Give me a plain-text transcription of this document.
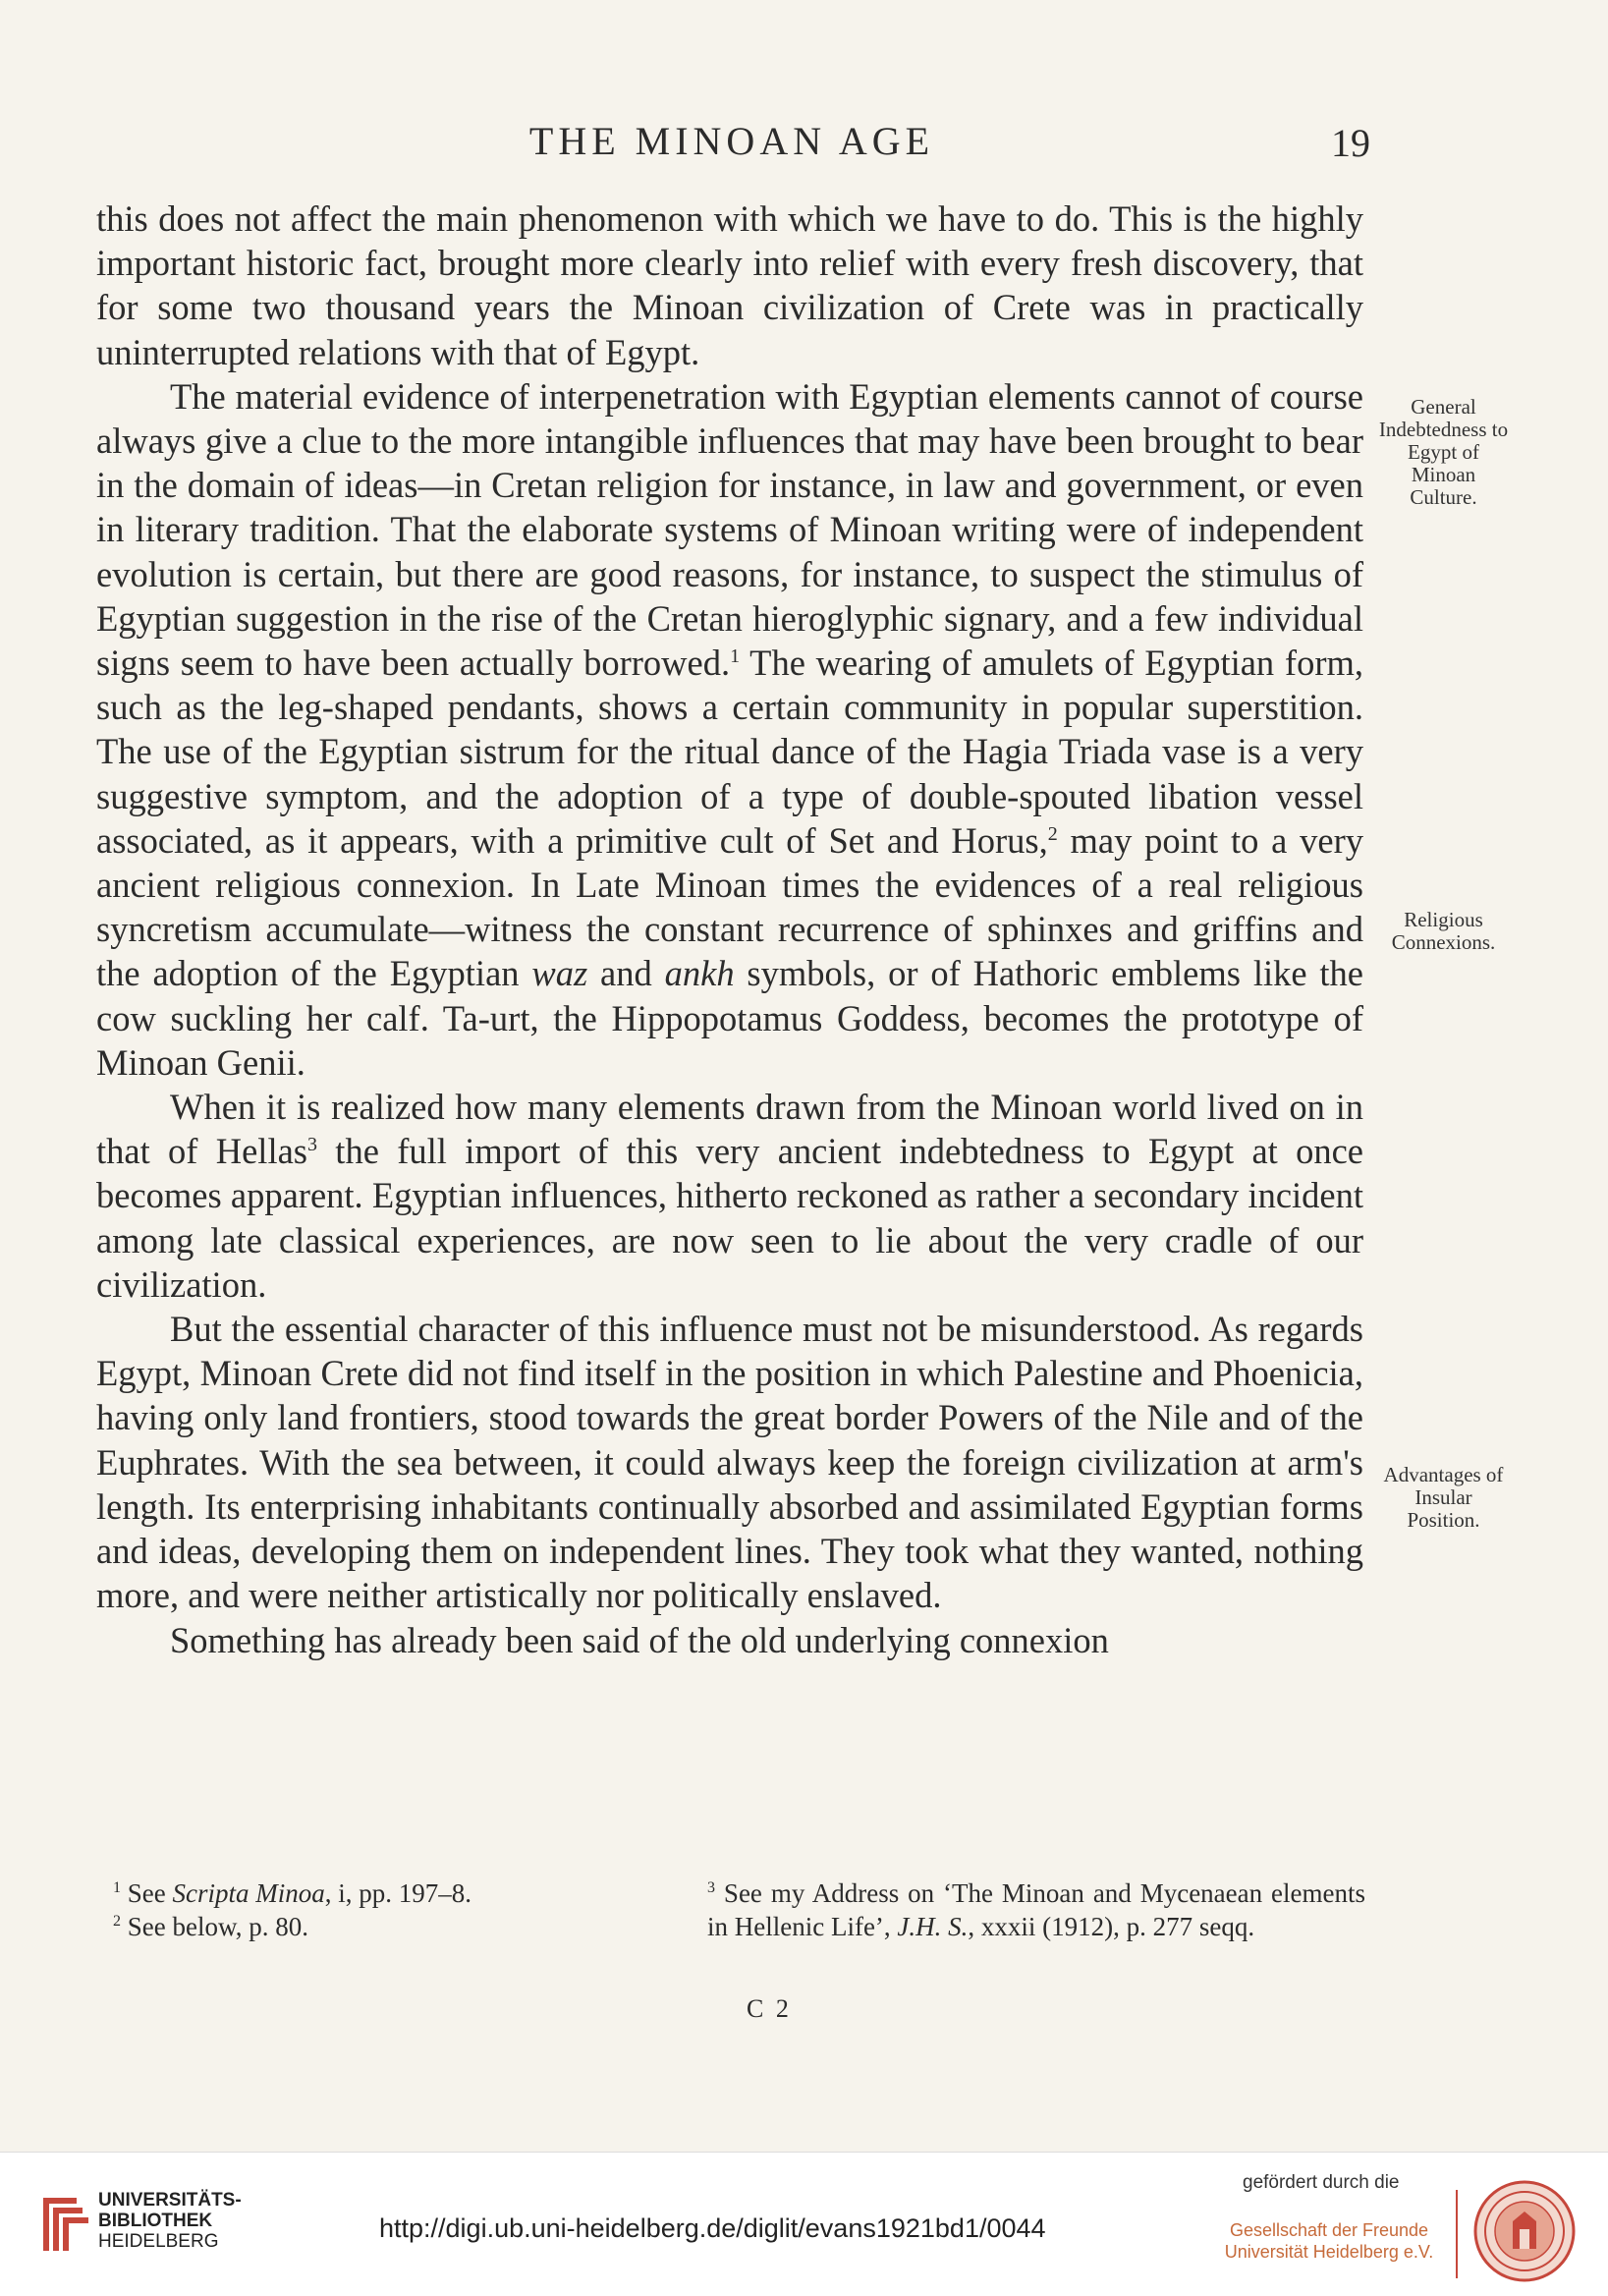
THE MINOAN AGE	19

this does not affect the main phenomenon with which we have to do. This is the highly important historic fact, brought more clearly into relief with every fresh discovery, that for some two thousand years the Minoan civilization of Crete was in practically uninterrupted relations with that of Egypt.

The material evidence of interpenetration with Egyptian elements cannot of course always give a clue to the more intangible influences that may have been brought to bear in the domain of ideas—in Cretan religion for instance, in law and government, or even in literary tradition. That the elaborate systems of Minoan writing were of independent evolution is certain, but there are good reasons, for instance, to suspect the stimulus of Egyptian suggestion in the rise of the Cretan hieroglyphic signary, and a few individual signs seem to have been actually borrowed.$^1$ The wearing of amulets of Egyptian form, such as the leg-shaped pendants, shows a certain community in popular superstition. The use of the Egyptian sistrum for the ritual dance of the Hagia Triada vase is a very suggestive symptom, and the adoption of a type of double-spouted libation vessel associated, as it appears, with a primitive cult of Set and Horus,$^2$ may point to a very ancient religious connexion. In Late Minoan times the evidences of a real religious syncretism accumulate—witness the constant recurrence of sphinxes and griffins and the adoption of the Egyptian waz and ankh symbols, or of Hathoric emblems like the cow suckling her calf. Ta-urt, the Hippopotamus Goddess, becomes the prototype of Minoan Genii.

When it is realized how many elements drawn from the Minoan world lived on in that of Hellas$^3$ the full import of this very ancient indebtedness to Egypt at once becomes apparent. Egyptian influences, hitherto reckoned as rather a secondary incident among late classical experiences, are now seen to lie about the very cradle of our civilization.

But the essential character of this influence must not be misunderstood. As regards Egypt, Minoan Crete did not find itself in the position in which Palestine and Phoenicia, having only land frontiers, stood towards the great border Powers of the Nile and of the Euphrates. With the sea between, it could always keep the foreign civilization at arm's length. Its enterprising inhabitants continually absorbed and assimilated Egyptian forms and ideas, developing them on independent lines. They took what they wanted, nothing more, and were neither artistically nor politically enslaved.

Something has already been said of the old underlying connexion

General Indebtedness to Egypt of Minoan Culture.
Religious Connexions.
Advantages of Insular Position.

$^1$ See Scripta Minoa, i, pp. 197–8.

$^2$ See below, p. 80.

$^3$ See my Address on ‘The Minoan and Mycenaean elements in Hellenic Life’, J.H. S., xxxii (1912), p. 277 seqq.

C 2
UNIVERSITÄTS-
BIBLIOTHEK
HEIDELBERG	http://digi.ub.uni-heidelberg.de/diglit/evans1921bd1/0044
gefördert durch die
Gesellschaft der Freunde
Universität Heidelberg e.V.
